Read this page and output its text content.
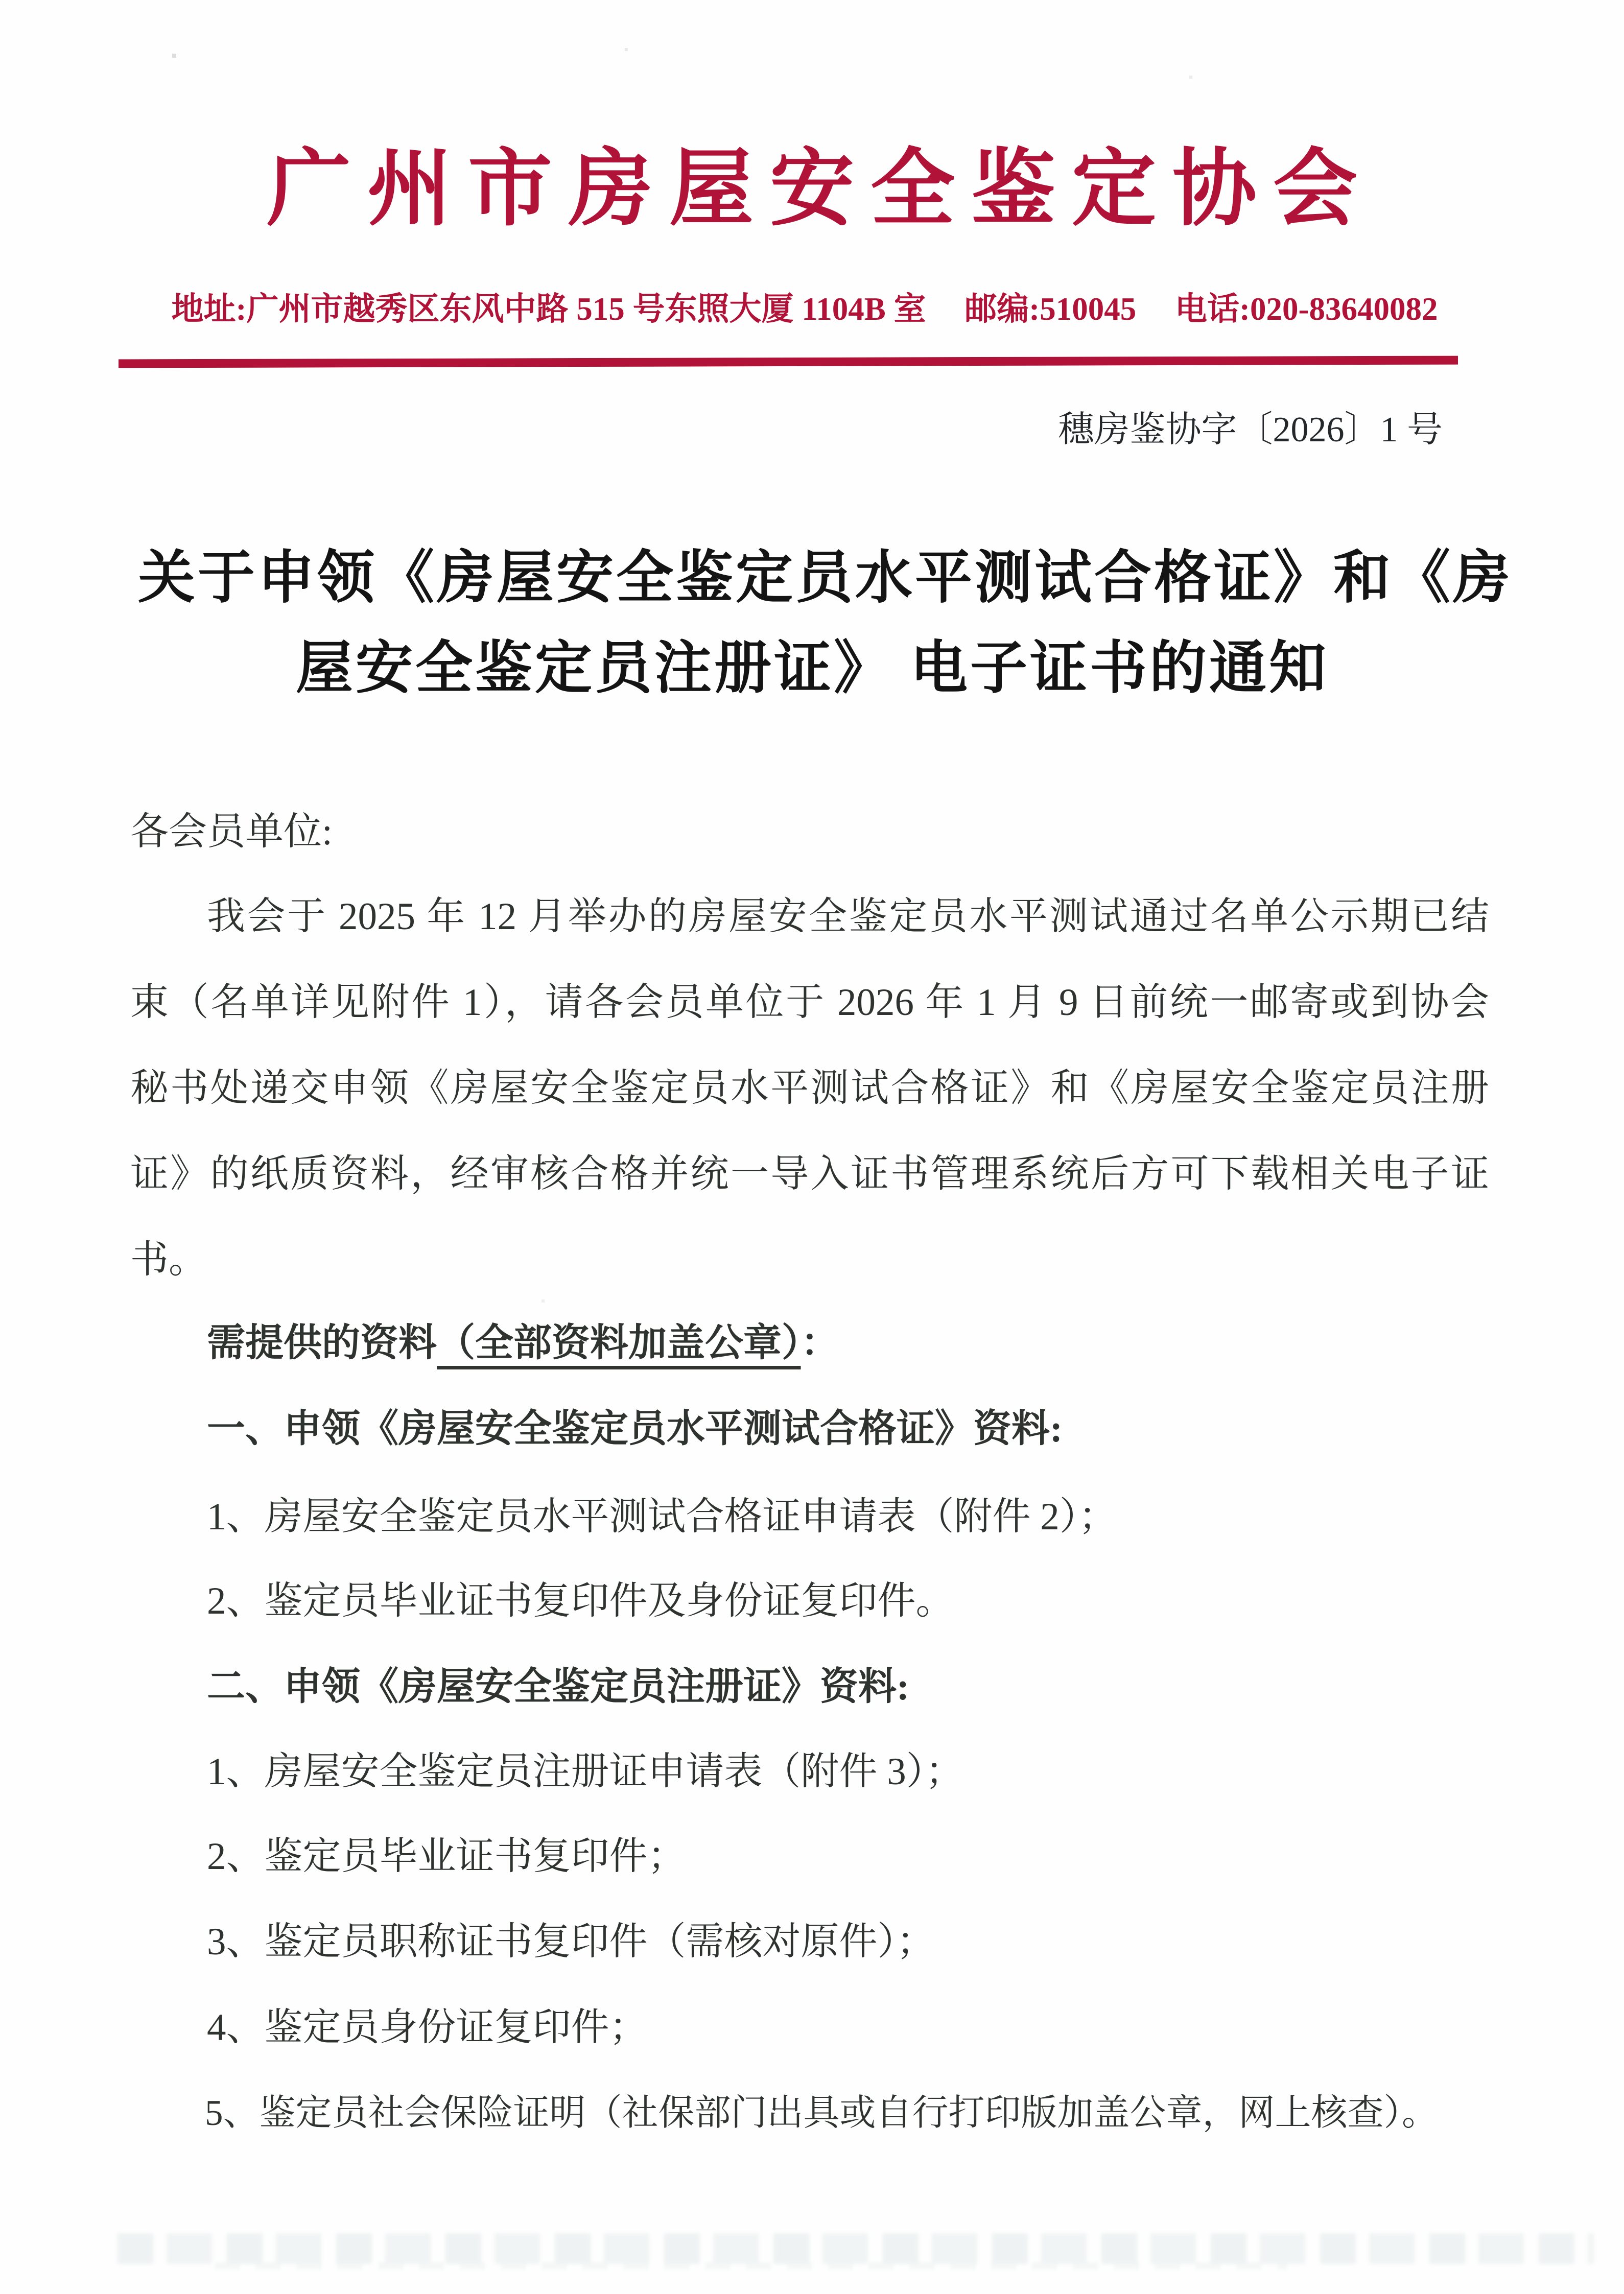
广州市房屋安全鉴定协会
地址:广州市越秀区东风中路 515 号东照大厦 1104B 室 邮编:510045 电话:020-83640082
穗房鉴协字〔2026〕1 号
关于申领《房屋安全鉴定员水平测试合格证》和《房
屋安全鉴定员注册证》 电子证书的通知
各会员单位:
我会于 2025 年 12 月举办的房屋安全鉴定员水平测试通过名单公示期已结
束（名单详见附件 1），请各会员单位于 2026 年 1 月 9 日前统一邮寄或到协会
秘书处递交申领《房屋安全鉴定员水平测试合格证》和《房屋安全鉴定员注册
证》的纸质资料，经审核合格并统一导入证书管理系统后方可下载相关电子证
书。
需提供的资料（全部资料加盖公章）：
一、申领《房屋安全鉴定员水平测试合格证》资料:
1、房屋安全鉴定员水平测试合格证申请表（附件 2）；
2、鉴定员毕业证书复印件及身份证复印件。
二、申领《房屋安全鉴定员注册证》资料:
1、房屋安全鉴定员注册证申请表（附件 3）；
2、鉴定员毕业证书复印件；
3、鉴定员职称证书复印件（需核对原件）；
4、鉴定员身份证复印件；
5、鉴定员社会保险证明（社保部门出具或自行打印版加盖公章，网上核查）。
